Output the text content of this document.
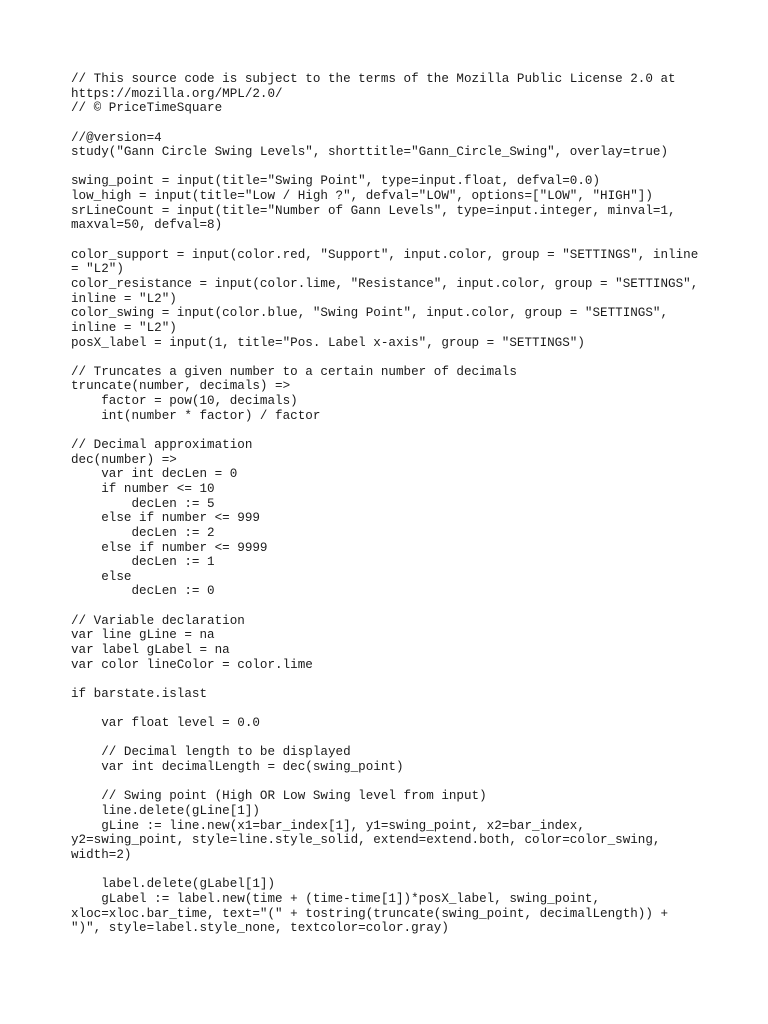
// This source code is subject to the terms of the Mozilla Public License 2.0 at
https://mozilla.org/MPL/2.0/
// © PriceTimeSquare
//@version=4
study("Gann Circle Swing Levels", shorttitle="Gann_Circle_Swing", overlay=true)
swing_point = input(title="Swing Point", type=input.float, defval=0.0)
low_high = input(title="Low / High ?", defval="LOW", options=["LOW", "HIGH"])
srLineCount = input(title="Number of Gann Levels", type=input.integer, minval=1,
maxval=50, defval=8)
color_support = input(color.red, "Support", input.color, group = "SETTINGS", inline
= "L2")
color_resistance = input(color.lime, "Resistance", input.color, group = "SETTINGS",
inline = "L2")
color_swing = input(color.blue, "Swing Point", input.color, group = "SETTINGS",
inline = "L2")
posX_label = input(1, title="Pos. Label x-axis", group = "SETTINGS")
// Truncates a given number to a certain number of decimals
truncate(number, decimals) =>
factor = pow(10, decimals)
int(number * factor) / factor
// Decimal approximation
dec(number) =>
var int decLen = 0
if number <= 10
decLen := 5
else if number <= 999
decLen := 2
else if number <= 9999
decLen := 1
else
decLen := 0
// Variable declaration
var line gLine = na
var label gLabel = na
var color lineColor = color.lime
if barstate.islast
var float level = 0.0
// Decimal length to be displayed
var int decimalLength = dec(swing_point)
// Swing point (High OR Low Swing level from input)
line.delete(gLine[1])
gLine := line.new(x1=bar_index[1], y1=swing_point, x2=bar_index,
y2=swing_point, style=line.style_solid, extend=extend.both, color=color_swing,
width=2)
label.delete(gLabel[1])
gLabel := label.new(time + (time-time[1])*posX_label, swing_point,
xloc=xloc.bar_time, text="(" + tostring(truncate(swing_point, decimalLength)) +
")", style=label.style_none, textcolor=color.gray)
